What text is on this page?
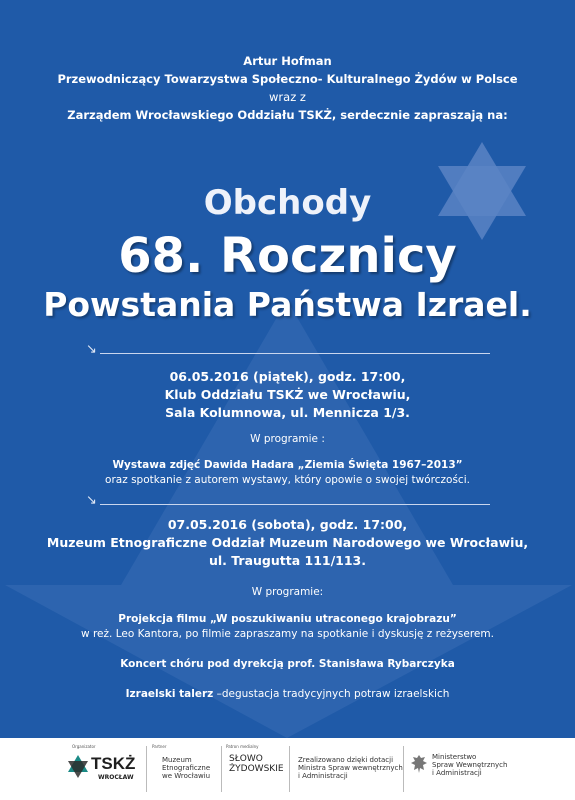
Artur Hofman
Przewodniczący Towarzystwa Społeczno- Kulturalnego Żydów w Polsce
wraz z
Zarządem Wrocławskiego Oddziału TSKŻ, serdecznie zapraszają na:
Obchody
68. Rocznicy
Powstania Państwa Izrael.
↘
06.05.2016 (piątek), godz. 17:00,
Klub Oddziału TSKŻ we Wrocławiu,
Sala Kolumnowa, ul. Mennicza 1/3.
W programie :
Wystawa zdjęć Dawida Hadara „Ziemia Święta 1967–2013”
oraz spotkanie z autorem wystawy, który opowie o swojej twórczości.
↘
07.05.2016 (sobota), godz. 17:00,
Muzeum Etnograficzne Oddział Muzeum Narodowego we Wrocławiu,
ul. Traugutta 111/113.
W programie:
Projekcja filmu „W poszukiwaniu utraconego krajobrazu”
w reż. Leo Kantora, po filmie zapraszamy na spotkanie i dyskusję z reżyserem.
Koncert chóru pod dyrekcją prof. Stanisława Rybarczyka
Izraelski talerz –degustacja tradycyjnych potraw izraelskich
Organizator
TSKŻ
WROCŁAW
Partner
Muzeum
Etnograficzne
we Wrocławiu
Patron medialny
SŁOWO
ŻYDOWSKIE
Zrealizowano dzięki dotacji
Ministra Spraw wewnętrznych
i Administracji
Ministerstwo
Spraw Wewnętrznych
i Administracji
